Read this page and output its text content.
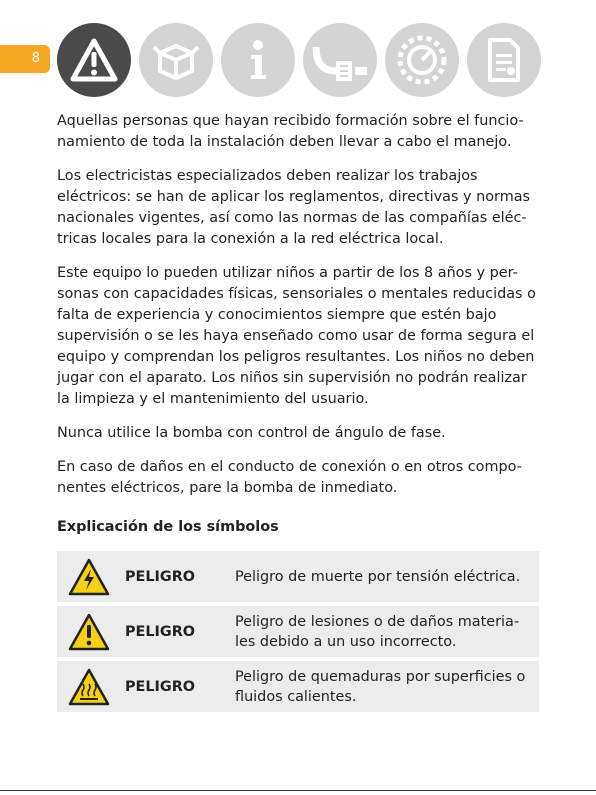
8

Aquellas personas que hayan recibido formación sobre el funcio-namiento de toda la instalación deben llevar a cabo el manejo.

Los electricistas especializados deben realizar los trabajos eléctricos: se han de aplicar los reglamentos, directivas y normas nacionales vigentes, así como las normas de las compañías eléc-tricas locales para la conexión a la red eléctrica local.

Este equipo lo pueden utilizar niños a partir de los 8 años y per-sonas con capacidades físicas, sensoriales o mentales reducidas o falta de experiencia y conocimientos siempre que estén bajo supervisión o se les haya enseñado como usar de forma segura el equipo y comprendan los peligros resultantes. Los niños no deben jugar con el aparato. Los niños sin supervisión no podrán realizar la limpieza y el mantenimiento del usuario.

Nunca utilice la bomba con control de ángulo de fase.

En caso de daños en el conducto de conexión o en otros compo-nentes eléctricos, pare la bomba de inmediato.

Explicación de los símbolos
PELIGRO	Peligro de muerte por tensión eléctrica.
PELIGRO
Peligro de lesiones o de daños materia-les debido a un uso incorrecto.
PELIGRO
Peligro de quemaduras por superficies o fluidos calientes.
